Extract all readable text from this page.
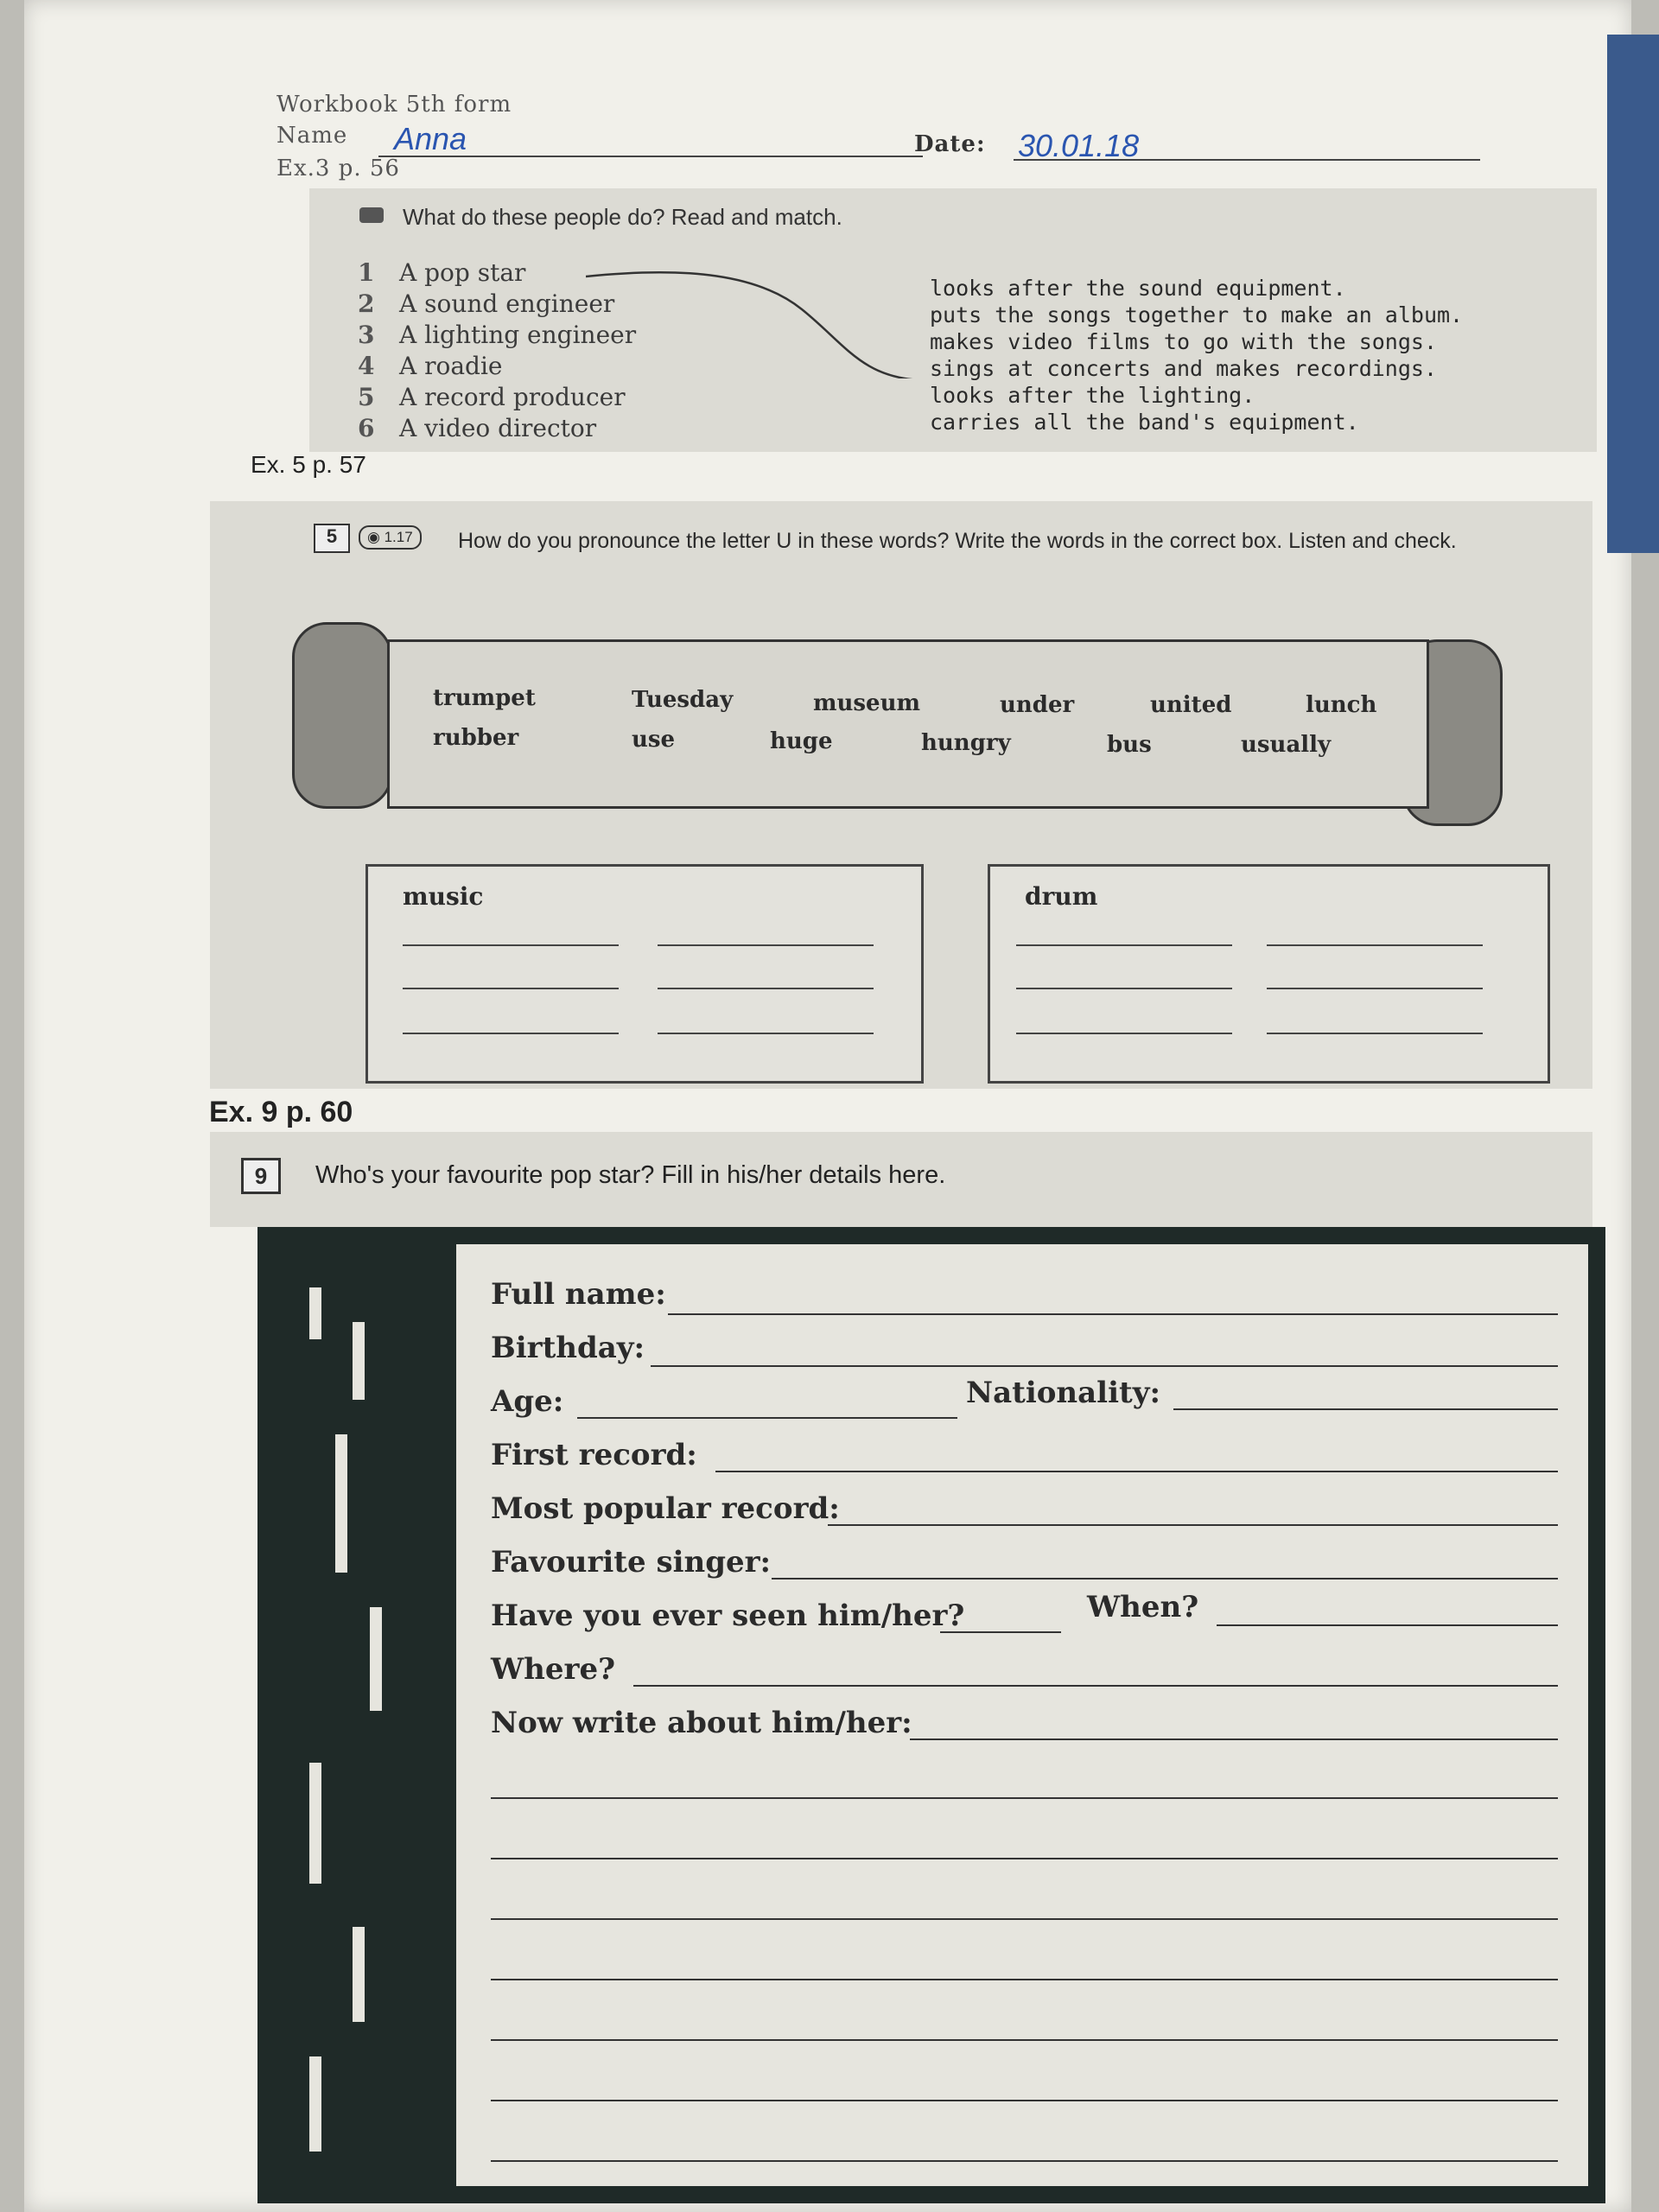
Workbook 5th form
Name Anna	Date: 30.01.18
Ex.3 p. 56
What do these people do? Read and match.
1 A pop star
2 A sound engineer
3 A lighting engineer
4 A roadie
5 A record producer
6 A video director
looks after the sound equipment.
puts the songs together to make an album.
makes video films to go with the songs.
sings at concerts and makes recordings.
looks after the lighting.
carries all the band's equipment.
Ex. 5 p. 57
5	◉ 1.17	How do you pronounce the letter U in these words? Write the words in the correct box. Listen and check.
trumpet	Tuesday	museum	under	united	lunch
rubber	use	huge	hungry	bus	usually
music	drum
Ex. 9 p. 60
9	Who's your favourite pop star? Fill in his/her details here.
Full name:
Birthday:
Age:	Nationality:
First record:
Most popular record:
Favourite singer:
Have you ever seen him/her?	When?
Where?
Now write about him/her:
